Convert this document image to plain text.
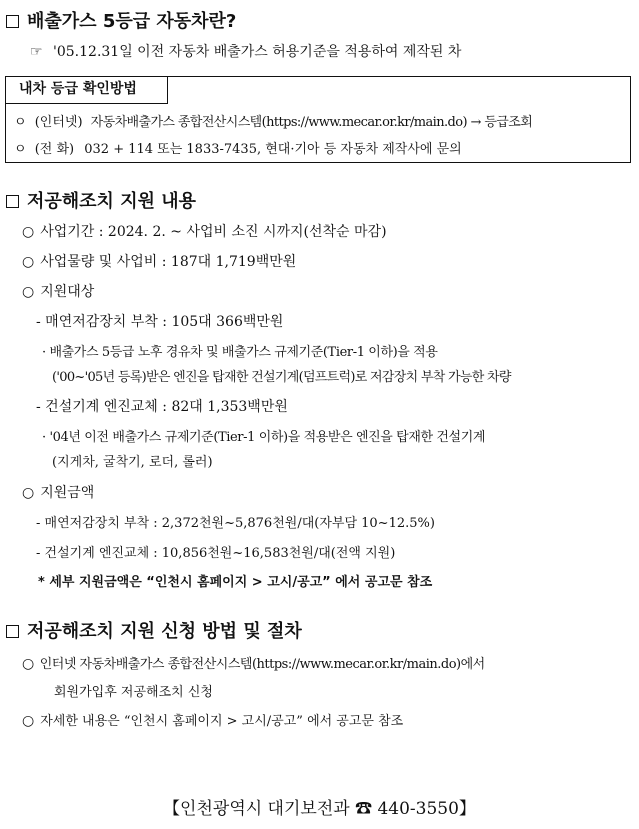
배출가스 5등급 자동차란?
☞ '05.12.31일 이전 자동차 배출가스 허용기준을 적용하여 제작된 차
내차 등급 확인방법
ㅇ (인터넷) 자동차배출가스 종합전산시스템(https://www.mecar.or.kr/main.do) → 등급조회
ㅇ (전 화) 032 + 114 또는 1833-7435, 현대·기아 등 자동차 제작사에 문의
저공해조치 지원 내용
○ 사업기간 : 2024. 2. ~ 사업비 소진 시까지(선착순 마감)
○ 사업물량 및 사업비 : 187대 1,719백만원
○ 지원대상
- 매연저감장치 부착 : 105대 366백만원
· 배출가스 5등급 노후 경유차 및 배출가스 규제기준(Tier-1 이하)을 적용
('00~'05년 등록)받은 엔진을 탑재한 건설기계(덤프트럭)로 저감장치 부착 가능한 차량
- 건설기계 엔진교체 : 82대 1,353백만원
· '04년 이전 배출가스 규제기준(Tier-1 이하)을 적용받은 엔진을 탑재한 건설기계
(지게차, 굴착기, 로더, 롤러)
○ 지원금액
- 매연저감장치 부착 : 2,372천원~5,876천원/대(자부담 10~12.5%)
- 건설기계 엔진교체 : 10,856천원~16,583천원/대(전액 지원)
* 세부 지원금액은 “인천시 홈페이지 > 고시/공고” 에서 공고문 참조
저공해조치 지원 신청 방법 및 절차
○ 인터넷 자동차배출가스 종합전산시스템(https://www.mecar.or.kr/main.do)에서
회원가입후 저공해조치 신청
○ 자세한 내용은 “인천시 홈페이지 > 고시/공고” 에서 공고문 참조
【인천광역시 대기보전과 ☎ 440-3550】
